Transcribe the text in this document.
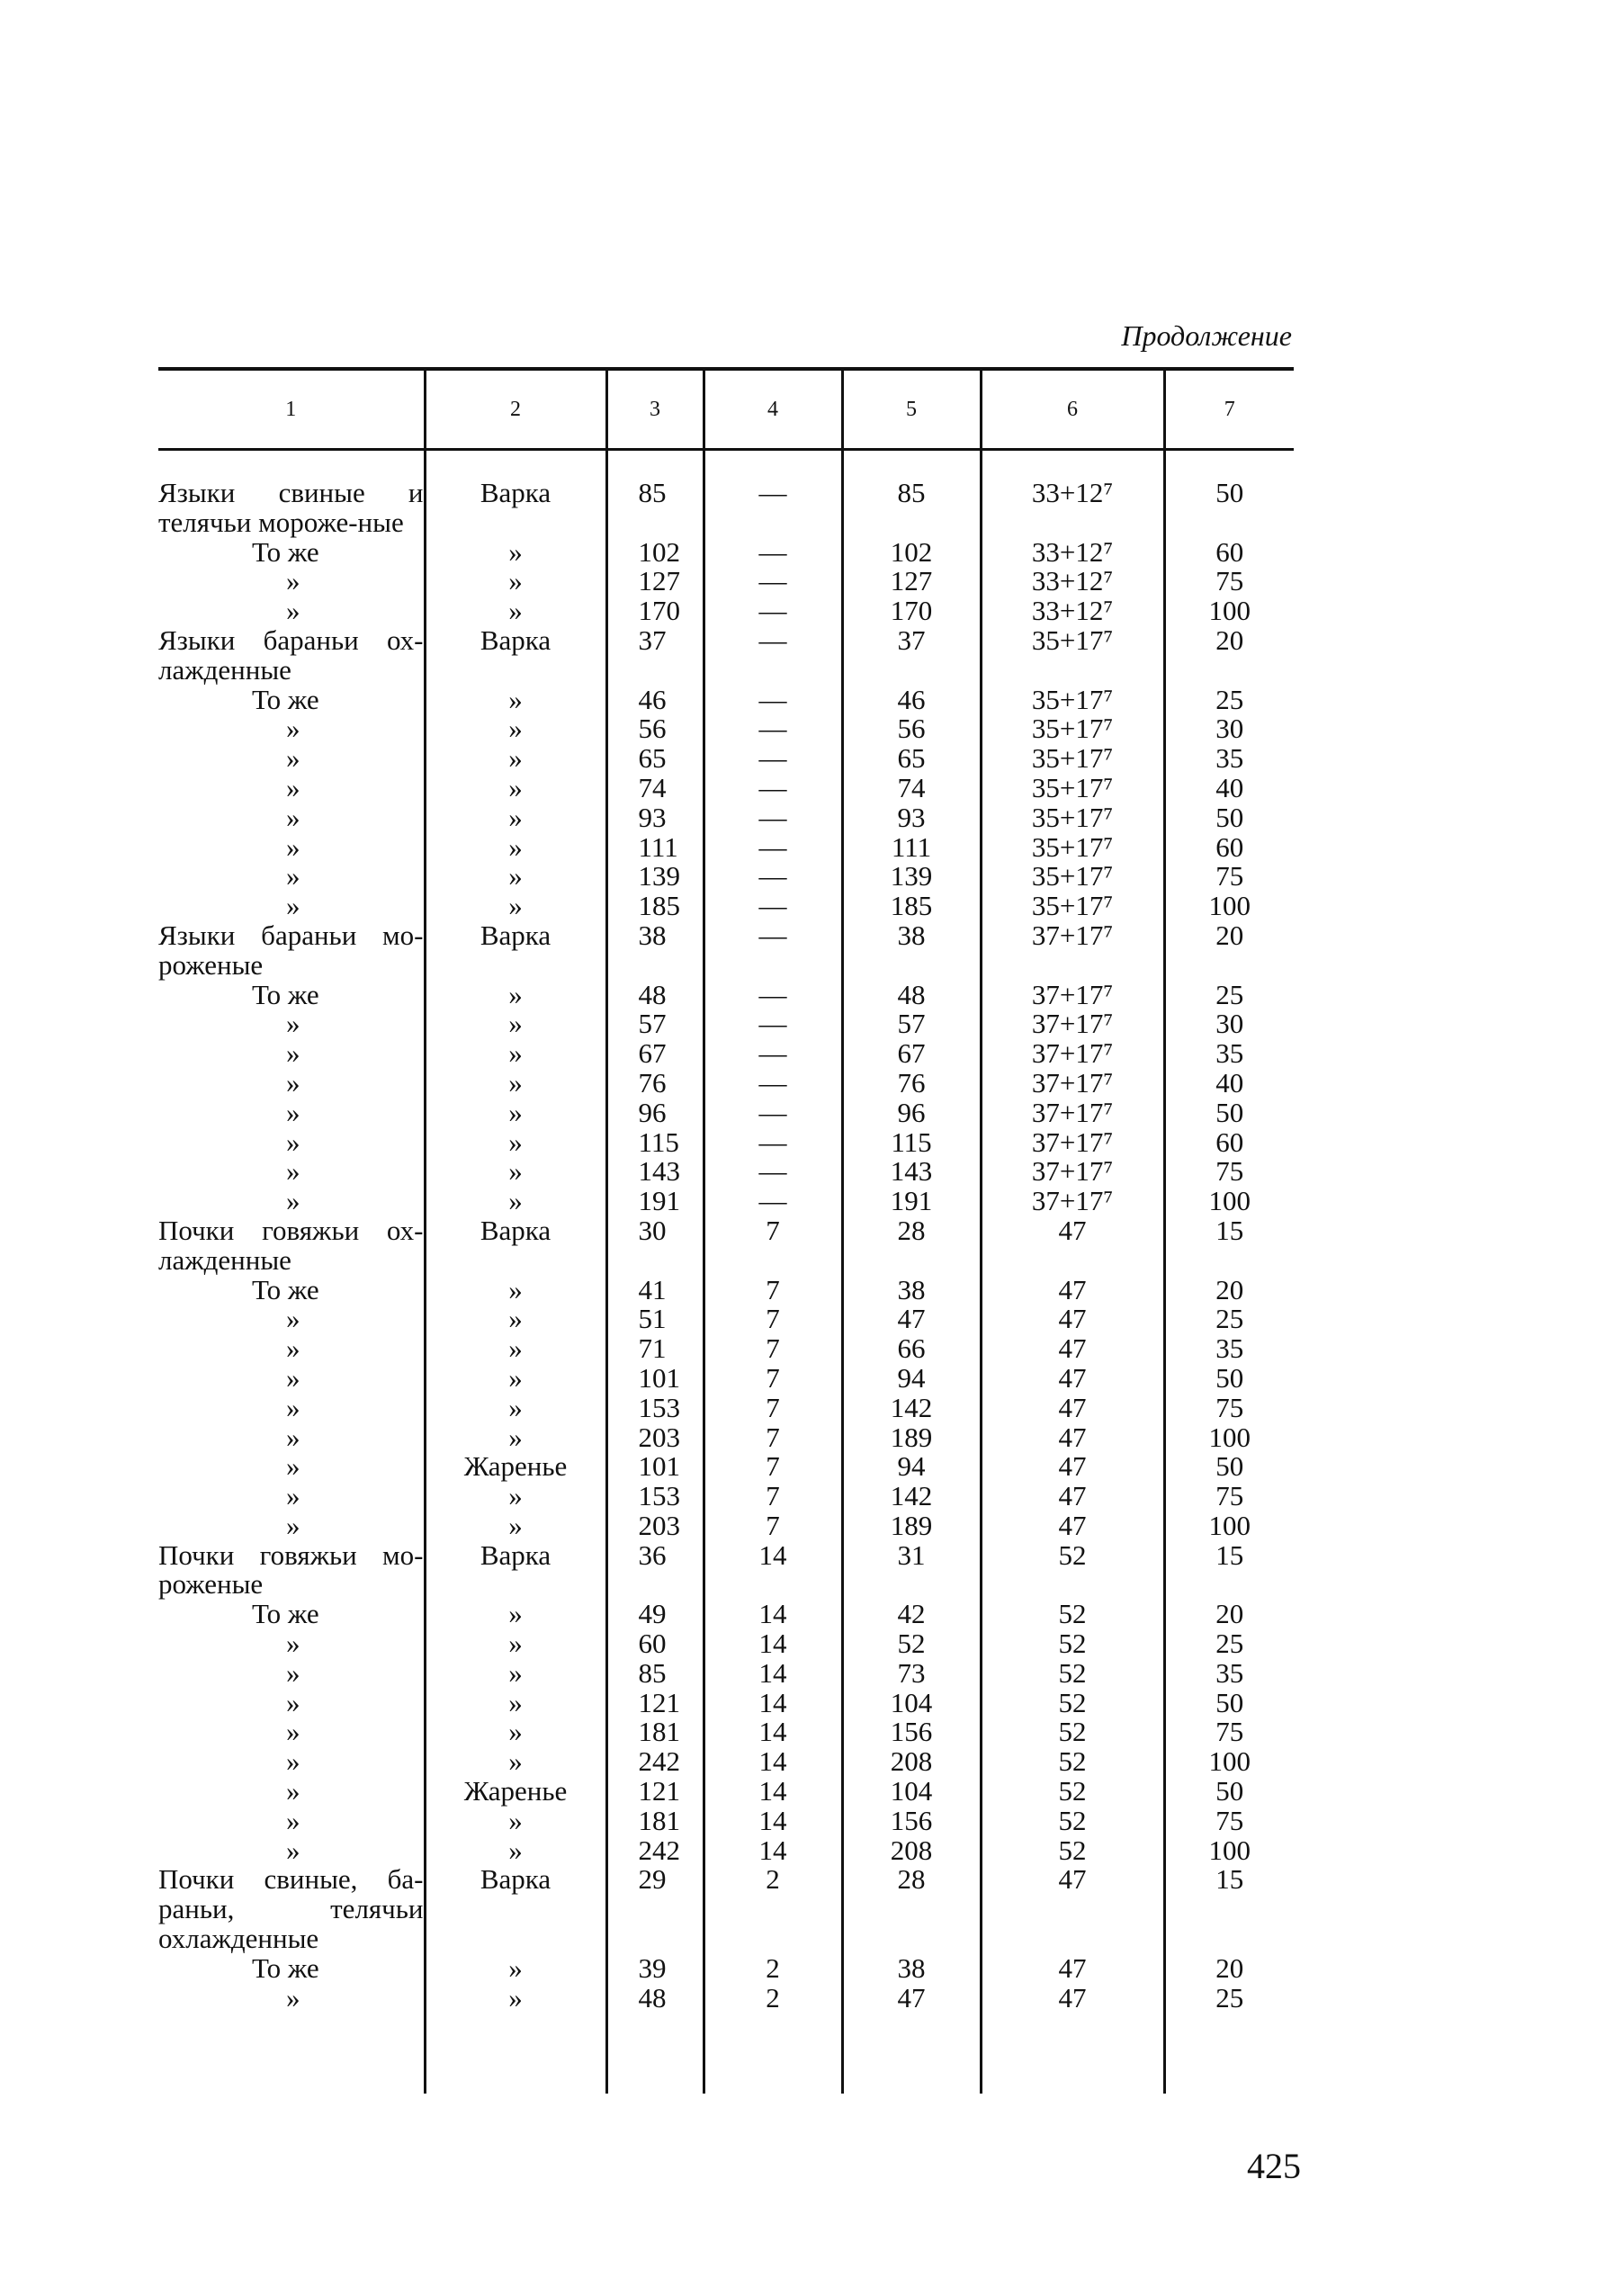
Продолжение
1	2	3	4	5	6	7

Языки свиные и телячьи мороже-ные	Варка	85	—	85	33+12⁷	50

То же	»	102	—	102	33+12⁷	60

»	»	127	—	127	33+12⁷	75

»	»	170	—	170	33+12⁷	100

Языки бараньи ох-лажденные	Варка	37	—	37	35+17⁷	20

То же	»	46	—	46	35+17⁷	25

»	»	56	—	56	35+17⁷	30

»	»	65	—	65	35+17⁷	35

»	»	74	—	74	35+17⁷	40

»	»	93	—	93	35+17⁷	50

»	»	111	—	111	35+17⁷	60

»	»	139	—	139	35+17⁷	75

»	»	185	—	185	35+17⁷	100

Языки бараньи мо-роженые	Варка	38	—	38	37+17⁷	20

То же	»	48	—	48	37+17⁷	25

»	»	57	—	57	37+17⁷	30

»	»	67	—	67	37+17⁷	35

»	»	76	—	76	37+17⁷	40

»	»	96	—	96	37+17⁷	50

»	»	115	—	115	37+17⁷	60

»	»	143	—	143	37+17⁷	75

»	»	191	—	191	37+17⁷	100

Почки говяжьи ох-лажденные	Варка	30	7	28	47	15

То же	»	41	7	38	47	20

»	»	51	7	47	47	25

»	»	71	7	66	47	35

»	»	101	7	94	47	50

»	»	153	7	142	47	75

»	»	203	7	189	47	100

»	Жаренье	101	7	94	47	50

»	»	153	7	142	47	75

»	»	203	7	189	47	100

Почки говяжьи мо-роженые	Варка	36	14	31	52	15

То же	»	49	14	42	52	20

»	»	60	14	52	52	25

»	»	85	14	73	52	35

»	»	121	14	104	52	50

»	»	181	14	156	52	75

»	»	242	14	208	52	100

»	Жаренье	121	14	104	52	50

»	»	181	14	156	52	75

»	»	242	14	208	52	100

Почки свиные, ба-раньи, телячьи охлажденные	Варка	29	2	28	47	15

То же	»	39	2	38	47	20

»	»	48	2	47	47	25

425
